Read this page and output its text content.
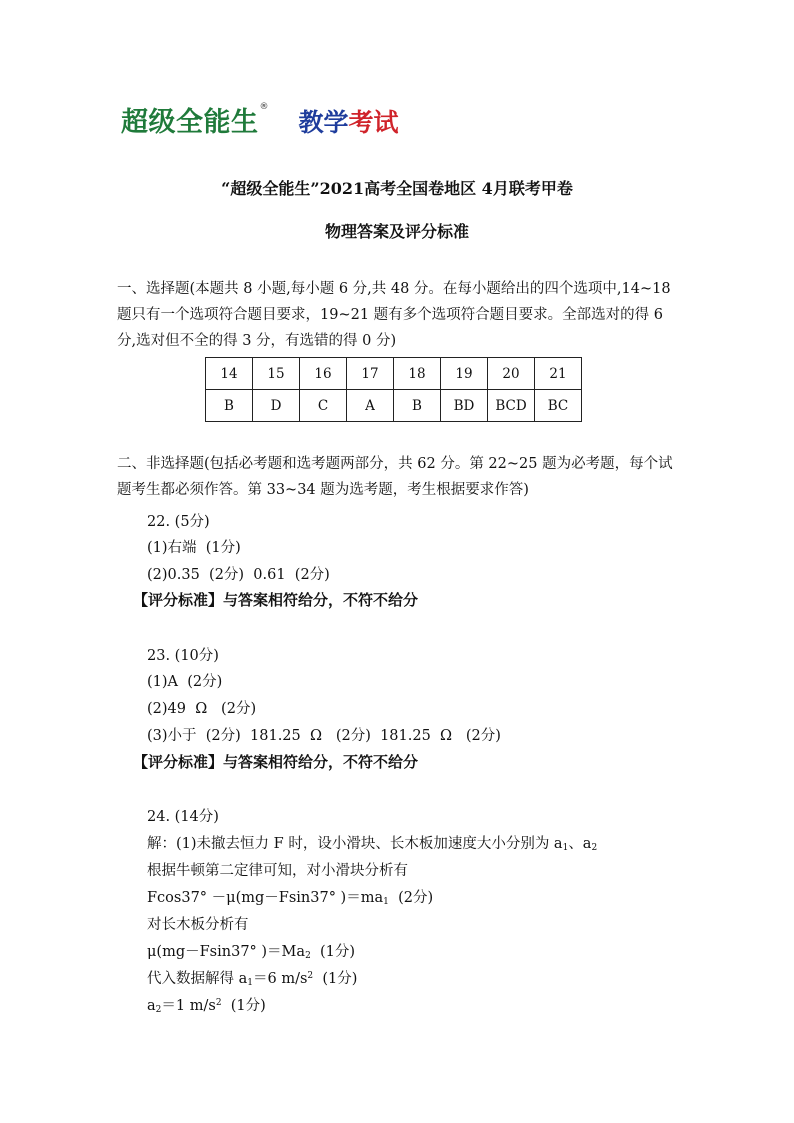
超级全能生 ®
教学考试
“超级全能生”2021高考全国卷地区 4月联考甲卷
物理答案及评分标准
一、选择题(本题共 8 小题,每小题 6 分,共 48 分。在每小题给出的四个选项中,14~18 题只有一个选项符合题目要求，19~21 题有多个选项符合题目要求。全部选对的得 6 分,选对但不全的得 3 分，有选错的得 0 分)
14	15	16	17	18	19	20	21
B	D	C	A	B	BD	BCD	BC
二、非选择题(包括必考题和选考题两部分，共 62 分。第 22~25 题为必考题，每个试题考生都必须作答。第 33~34 题为选考题，考生根据要求作答)
22. (5分)
(1)右端  (1分)
(2)0.35  (2分)  0.61  (2分)
【评分标准】与答案相符给分，不符不给分
23. (10分)
(1)A  (2分)
(2)49  Ω   (2分)
(3)小于  (2分)  181.25  Ω   (2分)  181.25  Ω   (2分)
【评分标准】与答案相符给分，不符不给分
24. (14分)
解：(1)未撤去恒力 F 时，设小滑块、长木板加速度大小分别为 $a_1$、$a_2$
根据牛顿第二定律可知，对小滑块分析有
Fcos37° －μ(mg－Fsin37° )$=ma_1$  (2分)
对长木板分析有
μ(mg－Fsin37° )$=Ma_2$  (1分)
代入数据解得 $a_1=6$ $m/s^2$  (1分)
$a_2=1$ $m/s^2$  (1分)
